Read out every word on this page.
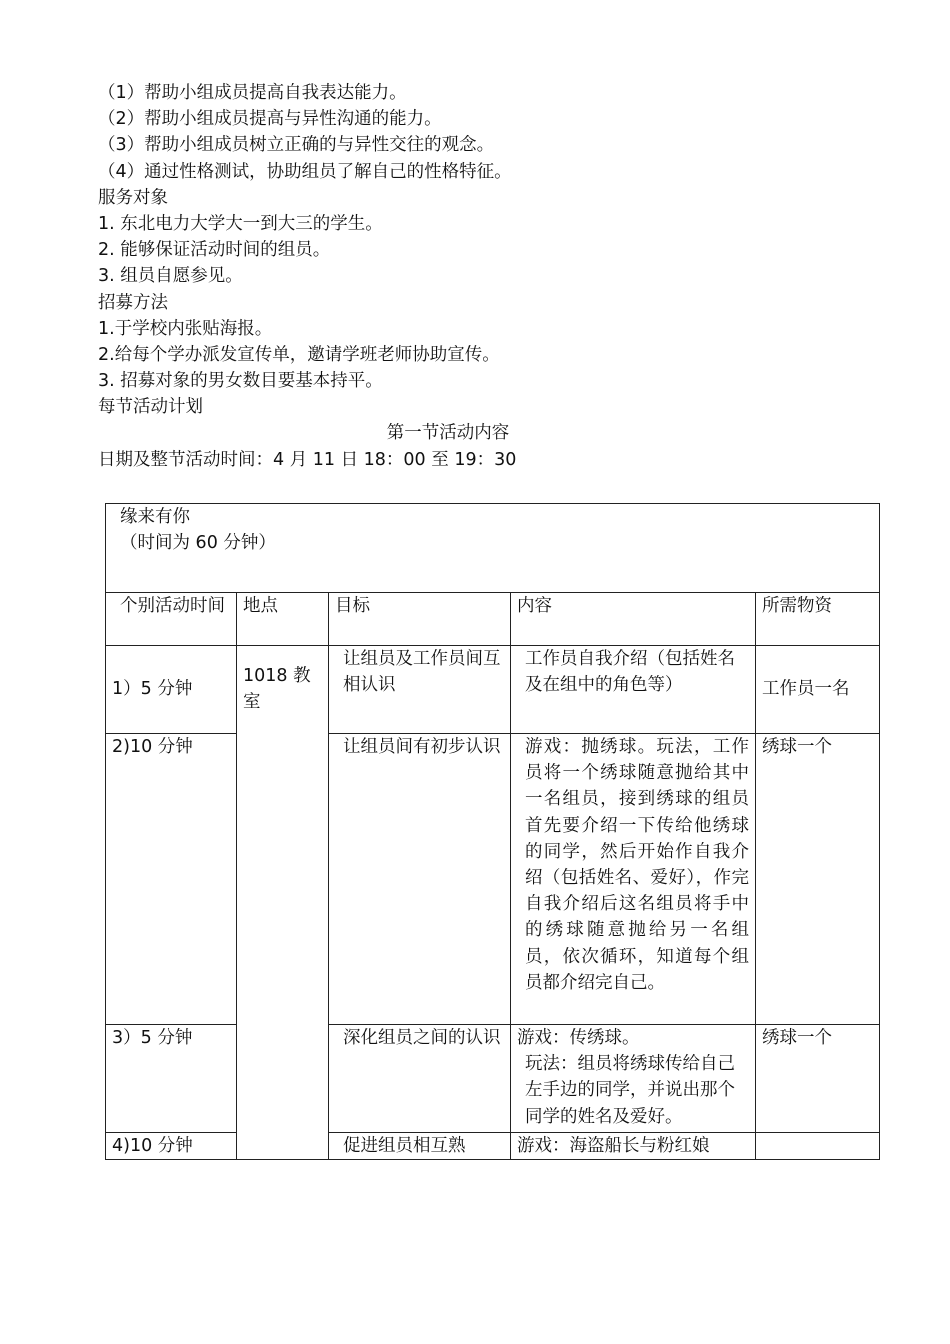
（1）帮助小组成员提高自我表达能力。
（2）帮助小组成员提高与异性沟通的能力。
（3）帮助小组成员树立正确的与异性交往的观念。
（4）通过性格测试，协助组员了解自己的性格特征。
服务对象
1. 东北电力大学大一到大三的学生。
2. 能够保证活动时间的组员。
3. 组员自愿参见。
招募方法
1.于学校内张贴海报。
2.给每个学办派发宣传单，邀请学班老师协助宣传。
3. 招募对象的男女数目要基本持平。
每节活动计划
第一节活动内容
日期及整节活动时间：4 月 11 日 18：00 至 19：30
缘来有你
（时间为 60 分钟）				

个别活动时间	地点	目标	内容	所需物资
1）5 分钟	1018 教室	让组员及工作员间互相认识	工作员自我介绍（包括姓名及在组中的角色等）	工作员一名
2)10 分钟		让组员间有初步认识	游戏：抛绣球。玩法，工作员将一个绣球随意抛给其中一名组员，接到绣球的组员首先要介绍一下传给他绣球的同学，然后开始作自我介绍（包括姓名、爱好），作完自我介绍后这名组员将手中的绣球随意抛给另一名组员，依次循环，知道每个组员都介绍完自己。	绣球一个
3）5 分钟		深化组员之间的认识	游戏：传绣球。
玩法：组员将绣球传给自己左手边的同学，并说出那个同学的姓名及爱好。	绣球一个
4)10 分钟		促进组员相互熟	游戏：海盗船长与粉红娘	
